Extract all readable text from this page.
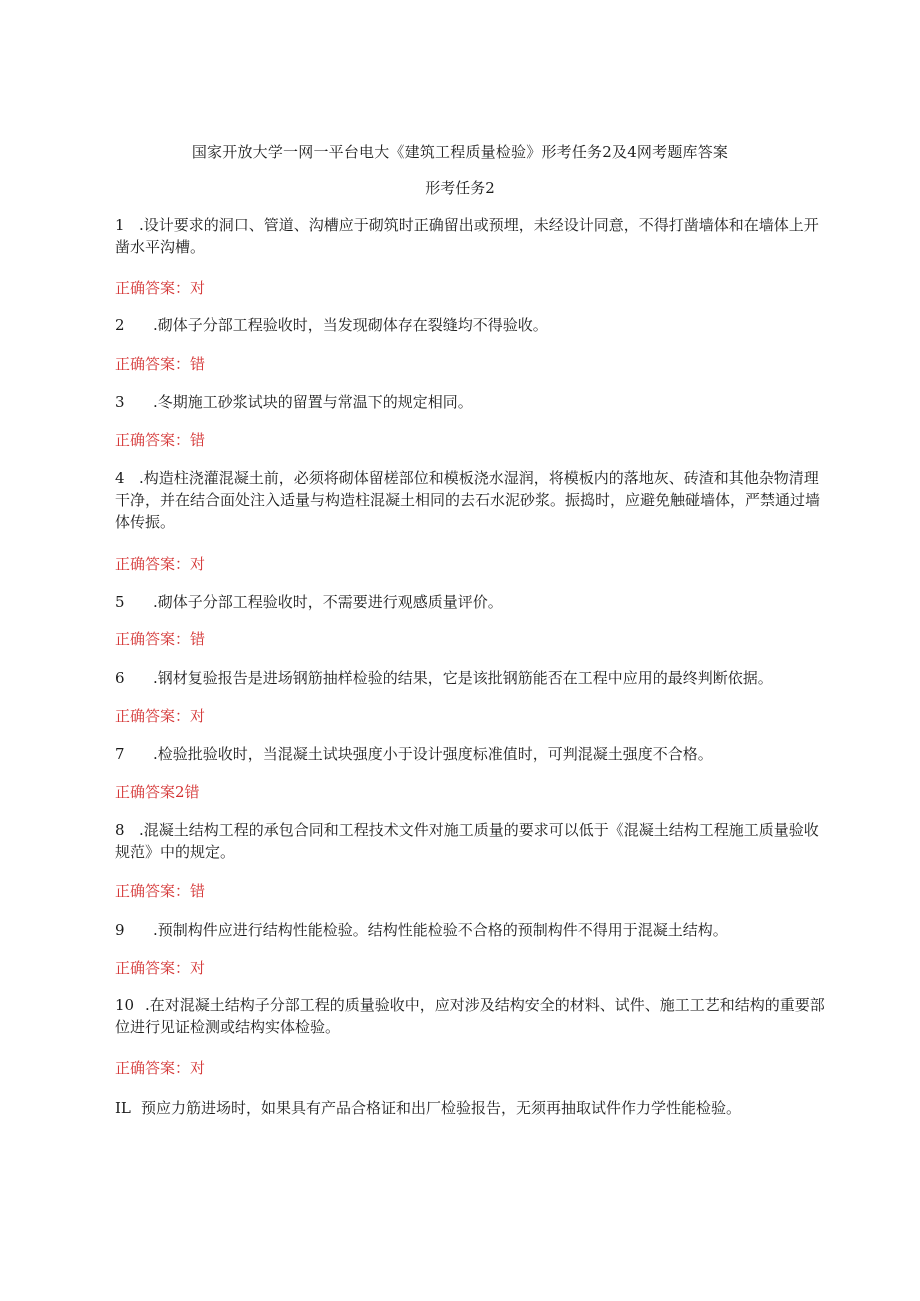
国家开放大学一网一平台电大《建筑工程质量检验》形考任务2及4网考题库答案
形考任务2
1 .设计要求的洞口、管道、沟槽应于砌筑时正确留出或预埋，未经设计同意，不得打凿墙体和在墙体上开凿水平沟槽。
正确答案：对
2 .砌体子分部工程验收时，当发现砌体存在裂缝均不得验收。
正确答案：错
3 .冬期施工砂浆试块的留置与常温下的规定相同。
正确答案：错
4 .构造柱浇灌混凝土前，必须将砌体留槎部位和模板浇水湿润，将模板内的落地灰、砖渣和其他杂物清理干净，并在结合面处注入适量与构造柱混凝土相同的去石水泥砂浆。振捣时，应避免触碰墙体，严禁通过墙体传振。
正确答案：对
5 .砌体子分部工程验收时，不需要进行观感质量评价。
正确答案：错
6 .钢材复验报告是进场钢筋抽样检验的结果，它是该批钢筋能否在工程中应用的最终判断依据。
正确答案：对
7 .检验批验收时，当混凝土试块强度小于设计强度标准值时，可判混凝土强度不合格。
正确答案2错
8 .混凝土结构工程的承包合同和工程技术文件对施工质量的要求可以低于《混凝土结构工程施工质量验收规范》中的规定。
正确答案：错
9 .预制构件应进行结构性能检验。结构性能检验不合格的预制构件不得用于混凝土结构。
正确答案：对
10 .在对混凝土结构子分部工程的质量验收中，应对涉及结构安全的材料、试件、施工工艺和结构的重要部位进行见证检测或结构实体检验。
正确答案：对
IL 预应力筋进场时，如果具有产品合格证和出厂检验报告，无须再抽取试件作力学性能检验。
